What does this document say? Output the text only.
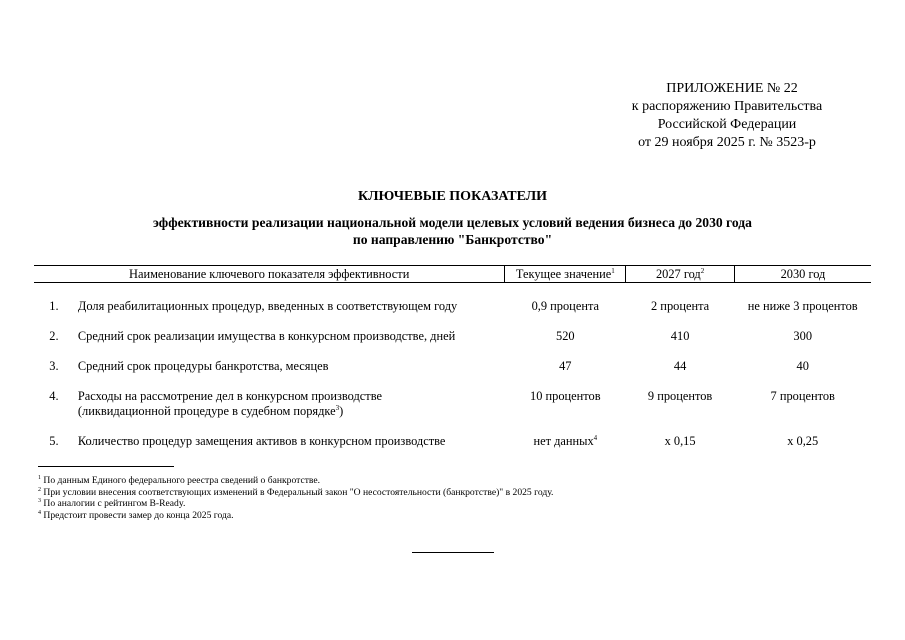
ПРИЛОЖЕНИЕ № 22
к распоряжению Правительства
Российской Федерации
от 29 ноября 2025 г. № 3523-р
КЛЮЧЕВЫЕ ПОКАЗАТЕЛИ
эффективности реализации национальной модели целевых условий ведения бизнеса до 2030 года
по направлению "Банкротство"
Наименование ключевого показателя эффективности		Текущее значение$^1$	2027 год$^2$	2030 год

1.	Доля реабилитационных процедур, введенных в соответствующем году	0,9 процента	2 процента	не ниже 3 процентов
2.	Средний срок реализации имущества в конкурсном производстве, дней	520	410	300
3.	Средний срок процедуры банкротства, месяцев	47	44	40
4.	Расходы на рассмотрение дел в конкурсном производстве
(ликвидационной процедуре в судебном порядке$^3$)	10 процентов	9 процентов	7 процентов
5.	Количество процедур замещения активов в конкурсном производстве	нет данных$^4$	х 0,15	х 0,25
$^1$ По данным Единого федерального реестра сведений о банкротстве.
$^2$ При условии внесения соответствующих изменений в Федеральный закон "О несостоятельности (банкротстве)" в 2025 году.
$^3$ По аналогии с рейтингом B-Ready.
$^4$ Предстоит провести замер до конца 2025 года.
